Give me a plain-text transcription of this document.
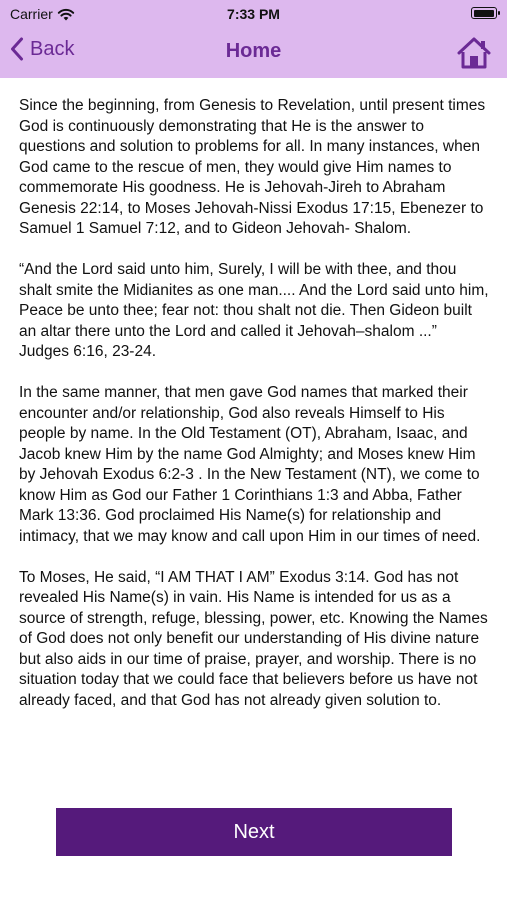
Carrier	7:33 PM
Back	Home

Since the beginning, from Genesis to Revelation, until present times God is continuously demonstrating that He is the answer to questions and solution to problems for all. In many instances, when God came to the rescue of men, they would give Him names to commemorate His goodness. He is Jehovah-Jireh to Abraham Genesis 22:14, to Moses Jehovah-Nissi Exodus 17:15, Ebenezer to Samuel 1 Samuel 7:12, and to Gideon Jehovah- Shalom.

“And the Lord said unto him, Surely, I will be with thee, and thou shalt smite the Midianites as one man.... And the Lord said unto him, Peace be unto thee; fear not: thou shalt not die. Then Gideon built an altar there unto the Lord and called it Jehovah–shalom ...” Judges 6:16, 23-24.

In the same manner, that men gave God names that marked their encounter and/or relationship, God also reveals Himself to His people by name. In the Old Testament (OT), Abraham, Isaac, and Jacob knew Him by the name God Almighty; and Moses knew Him by Jehovah Exodus 6:2-3 . In the New Testament (NT), we come to know Him as God our Father 1 Corinthians 1:3 and Abba, Father Mark 13:36. God proclaimed His Name(s) for relationship and intimacy, that we may know and call upon Him in our times of need.

To Moses, He said, “I AM THAT I AM” Exodus 3:14. God has not revealed His Name(s) in vain. His Name is intended for us as a source of strength, refuge, blessing, power, etc. Knowing the Names of God does not only benefit our understanding of His divine nature but also aids in our time of praise, prayer, and worship. There is no situation today that we could face that believers before us have not already faced, and that God has not already given solution to.

Next
